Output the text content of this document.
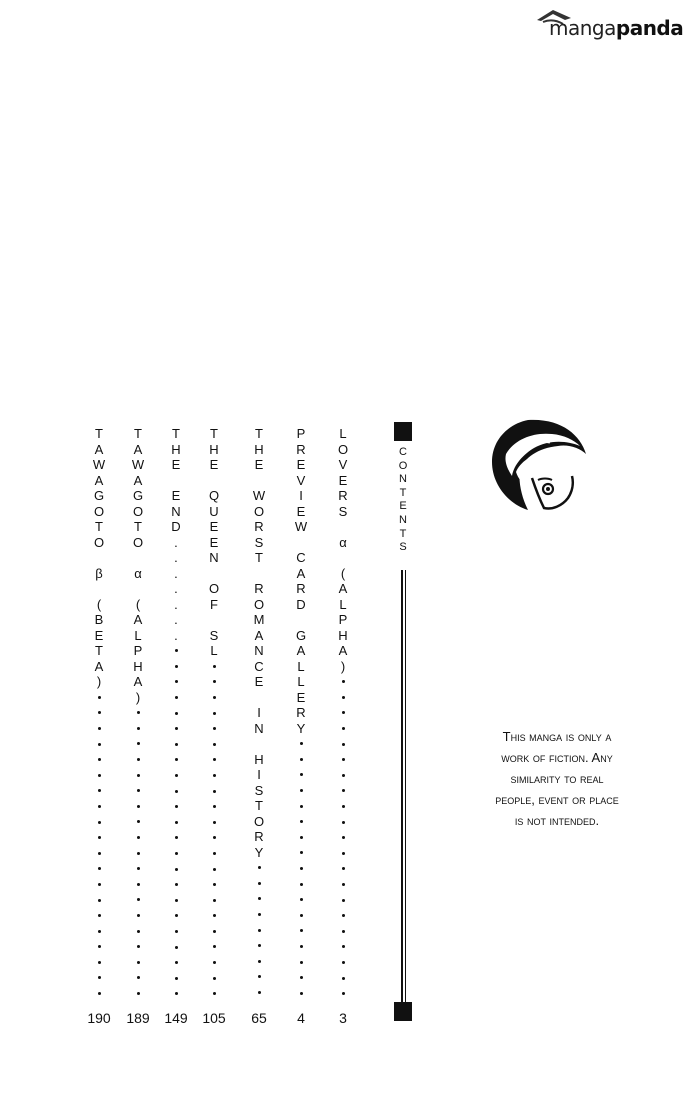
mangapanda
L
O
V
E
R
S
α
(
A
L
P
H
A
)
3
P
R
E
V
I
E
W
C
A
R
D
G
A
L
L
E
R
Y
4
T
H
E
W
O
R
S
T
R
O
M
A
N
C
E
I
N
H
I
S
T
O
R
Y
65
T
H
E
Q
U
E
E
N
O
F
S
L
105
T
H
E
E
N
D
.
.
.
.
.
.
.
149
T
A
W
A
G
O
T
O
α
(
A
L
P
H
A
)
189
T
A
W
A
G
O
T
O
β
(
B
E
T
A
)
190
C
O
N
T
E
N
T
S
This manga is only a
work of fiction. Any
similarity to real
people, event or place
is not intended.
